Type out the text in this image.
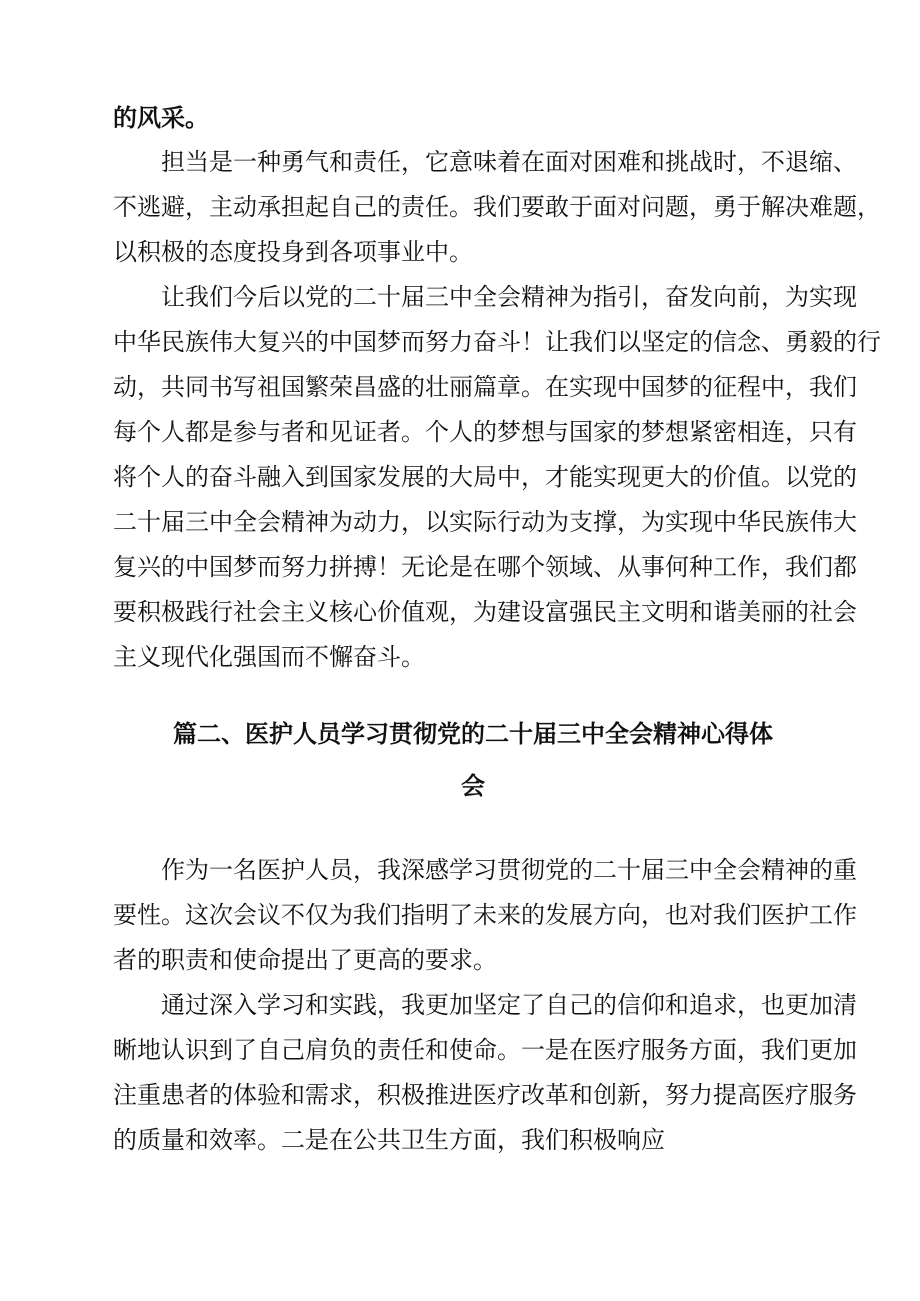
的风采。
担当是一种勇气和责任，它意味着在面对困难和挑战时，不退缩、
不逃避，主动承担起自己的责任。我们要敢于面对问题，勇于解决难题，
以积极的态度投身到各项事业中。
让我们今后以党的二十届三中全会精神为指引，奋发向前，为实现
中华民族伟大复兴的中国梦而努力奋斗！让我们以坚定的信念、勇毅的行
动，共同书写祖国繁荣昌盛的壮丽篇章。在实现中国梦的征程中，我们
每个人都是参与者和见证者。个人的梦想与国家的梦想紧密相连，只有
将个人的奋斗融入到国家发展的大局中，才能实现更大的价值。以党的
二十届三中全会精神为动力，以实际行动为支撑，为实现中华民族伟大
复兴的中国梦而努力拼搏！无论是在哪个领域、从事何种工作，我们都
要积极践行社会主义核心价值观，为建设富强民主文明和谐美丽的社会
主义现代化强国而不懈奋斗。
篇二、医护人员学习贯彻党的二十届三中全会精神心得体
会
作为一名医护人员，我深感学习贯彻党的二十届三中全会精神的重
要性。这次会议不仅为我们指明了未来的发展方向，也对我们医护工作
者的职责和使命提出了更高的要求。
通过深入学习和实践，我更加坚定了自己的信仰和追求，也更加清
晰地认识到了自己肩负的责任和使命。一是在医疗服务方面，我们更加
注重患者的体验和需求，积极推进医疗改革和创新，努力提高医疗服务
的质量和效率。二是在公共卫生方面，我们积极响应
